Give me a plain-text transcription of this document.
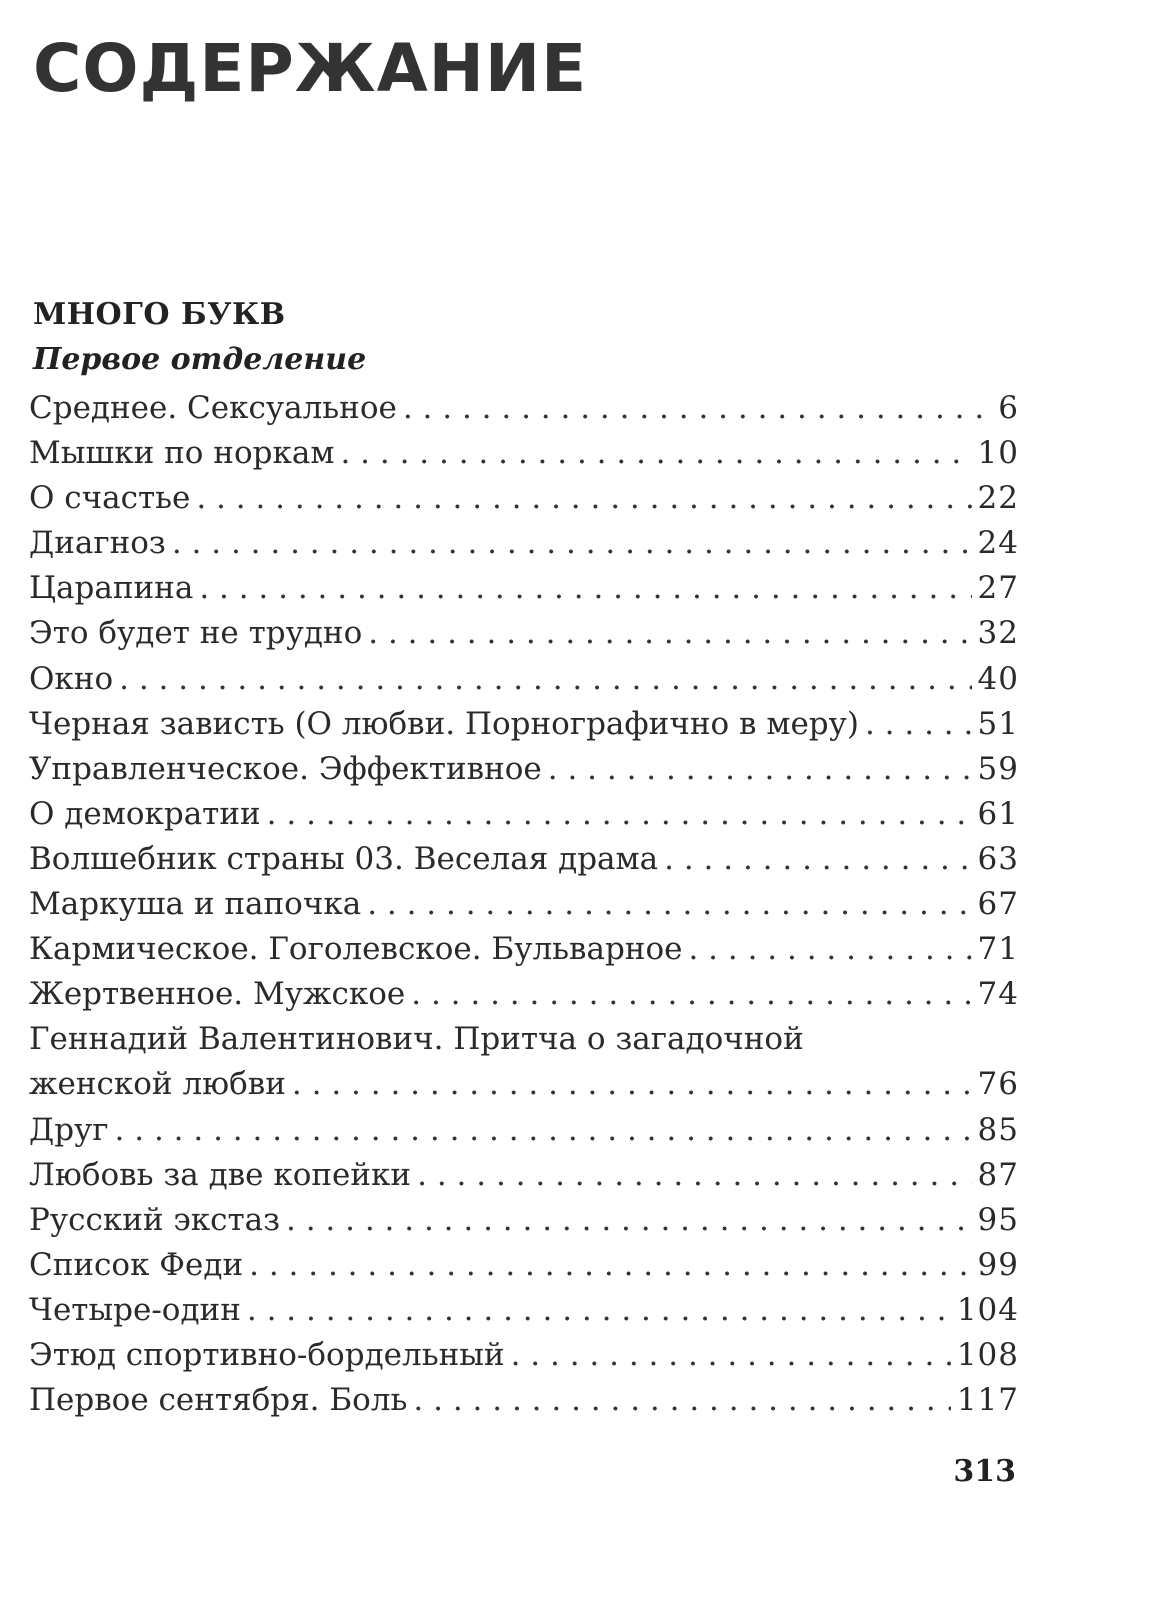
СОДЕРЖАНИЕ
МНОГО БУКВ
Первое отделение
Среднее. Сексуальное . . .	6
Мышки по норкам . . .	10
О счастье . . .	22
Диагноз . . .	24
Царапина . . .	27
Это будет не трудно . . .	32
Окно . . .	40
Черная зависть (О любви. Порнографично в меру) . . .	51
Управленческое. Эффективное . . .	59
О демократии . . .	61
Волшебник страны 03. Веселая драма . . .	63
Маркуша и папочка . . .	67
Кармическое. Гоголевское. Бульварное . . .	71
Жертвенное. Мужское . . .	74
Геннадий Валентинович. Притча о загадочной
женской любви . . .	76
Друг . . .	85
Любовь за две копейки . . .	87
Русский экстаз . . .	95
Список Феди . . .	99
Четыре-один . . .	104
Этюд спортивно-бордельный . . .	108
Первое сентября. Боль . . .	117
313
